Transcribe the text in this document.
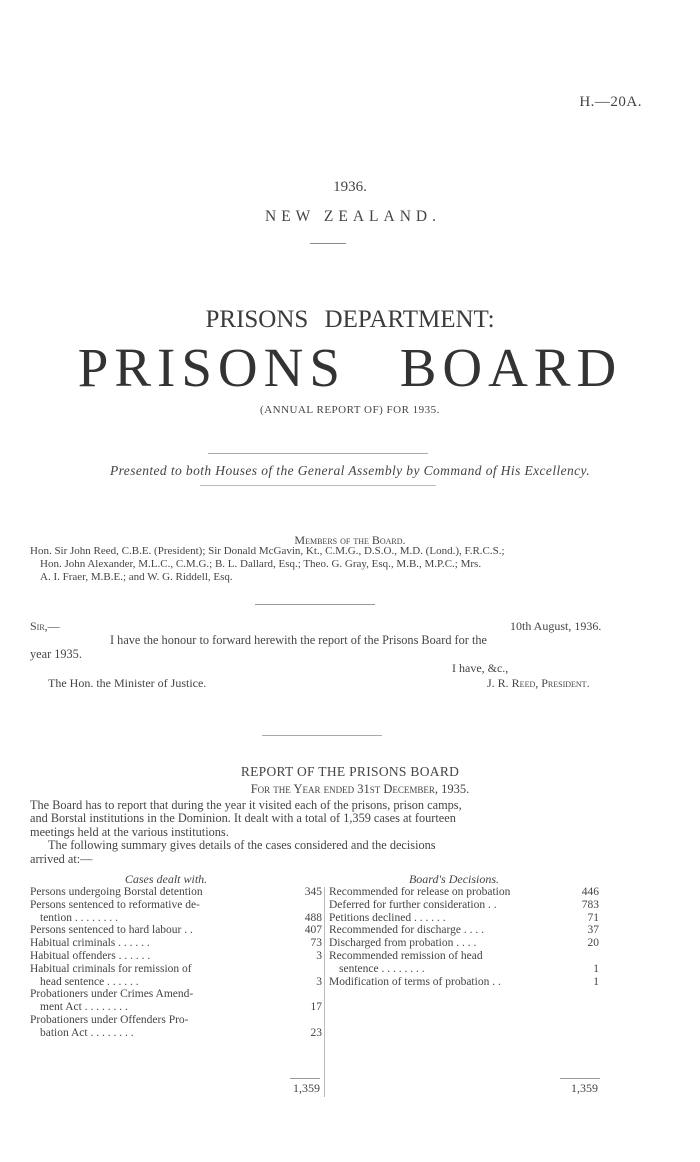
H.—20A.
1936.
NEW ZEALAND.
PRISONS DEPARTMENT:
PRISONS BOARD
(ANNUAL REPORT OF) FOR 1935.
Presented to both Houses of the General Assembly by Command of His Excellency.
Members of the Board.
Hon. Sir John Reed, C.B.E. (President); Sir Donald McGavin, Kt., C.M.G., D.S.O., M.D. (Lond.), F.R.C.S.;
Hon. John Alexander, M.L.C., C.M.G.; B. L. Dallard, Esq.; Theo. G. Gray, Esq., M.B., M.P.C.; Mrs.
A. I. Fraer, M.B.E.; and W. G. Riddell, Esq.
Sir,—	10th August, 1936.
I have the honour to forward herewith the report of the Prisons Board for the
year 1935.
I have, &c.,
The Hon. the Minister of Justice.	J. R. Reed, President.
REPORT OF THE PRISONS BOARD
For the Year ended 31st December, 1935.
The Board has to report that during the year it visited each of the prisons, prison camps,
and Borstal institutions in the Dominion. It dealt with a total of 1,359 cases at fourteen
meetings held at the various institutions.
The following summary gives details of the cases considered and the decisions
arrived at:—
Cases dealt with.
Persons undergoing Borstal detention	345
Persons sentenced to reformative de-
tention . . . . . . . .	488
Persons sentenced to hard labour . .	407
Habitual criminals . . . . . .	73
Habitual offenders . . . . . .	3
Habitual criminals for remission of
head sentence . . . . . .	3
Probationers under Crimes Amend-
ment Act . . . . . . . .	17
Probationers under Offenders Pro-
bation Act . . . . . . . .	23
1,359
Board's Decisions.
Recommended for release on probation	446
Deferred for further consideration . .	783
Petitions declined . . . . . .	71
Recommended for discharge . . . .	37
Discharged from probation . . . .	20
Recommended remission of head
sentence . . . . . . . .	1
Modification of terms of probation . .	1
1,359
